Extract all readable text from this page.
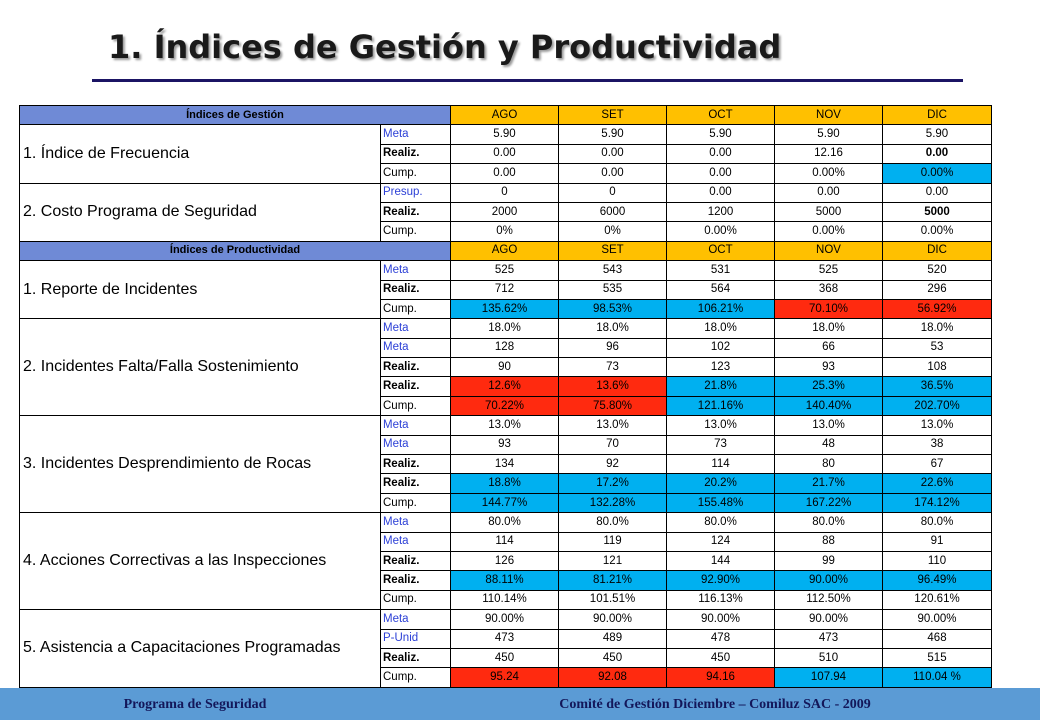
1. Índices de Gestión y Productividad
Índices de Gestión		AGO	SET	OCT	NOV	DIC
1. Índice de Frecuencia	Meta	5.90	5.90	5.90	5.90	5.90
	Realiz.	0.00	0.00	0.00	12.16	0.00
	Cump.	0.00	0.00	0.00	0.00%	0.00%
2. Costo Programa de Seguridad	Presup.	0	0	0.00	0.00	0.00
	Realiz.	2000	6000	1200	5000	5000
	Cump.	0%	0%	0.00%	0.00%	0.00%
Índices de Productividad		AGO	SET	OCT	NOV	DIC
1. Reporte de Incidentes	Meta	525	543	531	525	520
	Realiz.	712	535	564	368	296
	Cump.	135.62%	98.53%	106.21%	70.10%	56.92%
2. Incidentes Falta/Falla Sostenimiento	Meta	18.0%	18.0%	18.0%	18.0%	18.0%
	Meta	128	96	102	66	53
	Realiz.	90	73	123	93	108
	Realiz.	12.6%	13.6%	21.8%	25.3%	36.5%
	Cump.	70.22%	75.80%	121.16%	140.40%	202.70%
3. Incidentes Desprendimiento de Rocas	Meta	13.0%	13.0%	13.0%	13.0%	13.0%
	Meta	93	70	73	48	38
	Realiz.	134	92	114	80	67
	Realiz.	18.8%	17.2%	20.2%	21.7%	22.6%
	Cump.	144.77%	132.28%	155.48%	167.22%	174.12%
4. Acciones Correctivas a las Inspecciones	Meta	80.0%	80.0%	80.0%	80.0%	80.0%
	Meta	114	119	124	88	91
	Realiz.	126	121	144	99	110
	Realiz.	88.11%	81.21%	92.90%	90.00%	96.49%
	Cump.	110.14%	101.51%	116.13%	112.50%	120.61%
5. Asistencia a Capacitaciones Programadas	Meta	90.00%	90.00%	90.00%	90.00%	90.00%
	P-Unid	473	489	478	473	468
	Realiz.	450	450	450	510	515
	Cump.	95.24	92.08	94.16	107.94	110.04 %
Programa de Seguridad	Comité de Gestión Diciembre – Comiluz SAC - 2009
